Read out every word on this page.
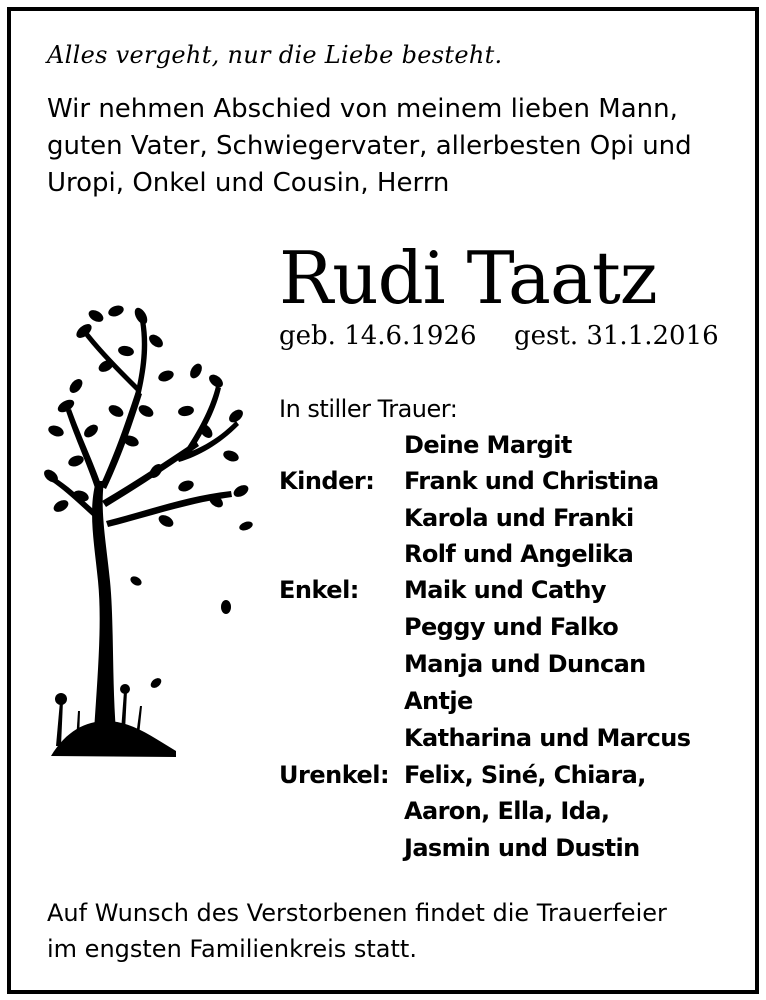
Alles vergeht, nur die Liebe besteht.
Wir nehmen Abschied von meinem lieben Mann,
guten Vater, Schwiegervater, allerbesten Opi und
Uropi, Onkel und Cousin, Herrn
Rudi Taatz
geb. 14.6.1926 gest. 31.1.2016
In stiller Trauer:
Kinder:
Enkel:
Urenkel:
Deine Margit
Frank und Christina
Karola und Franki
Rolf und Angelika
Maik und Cathy
Peggy und Falko
Manja und Duncan
Antje
Katharina und Marcus
Felix, Siné, Chiara,
Aaron, Ella, Ida,
Jasmin und Dustin
Auf Wunsch des Verstorbenen findet die Trauerfeier
im engsten Familienkreis statt.
